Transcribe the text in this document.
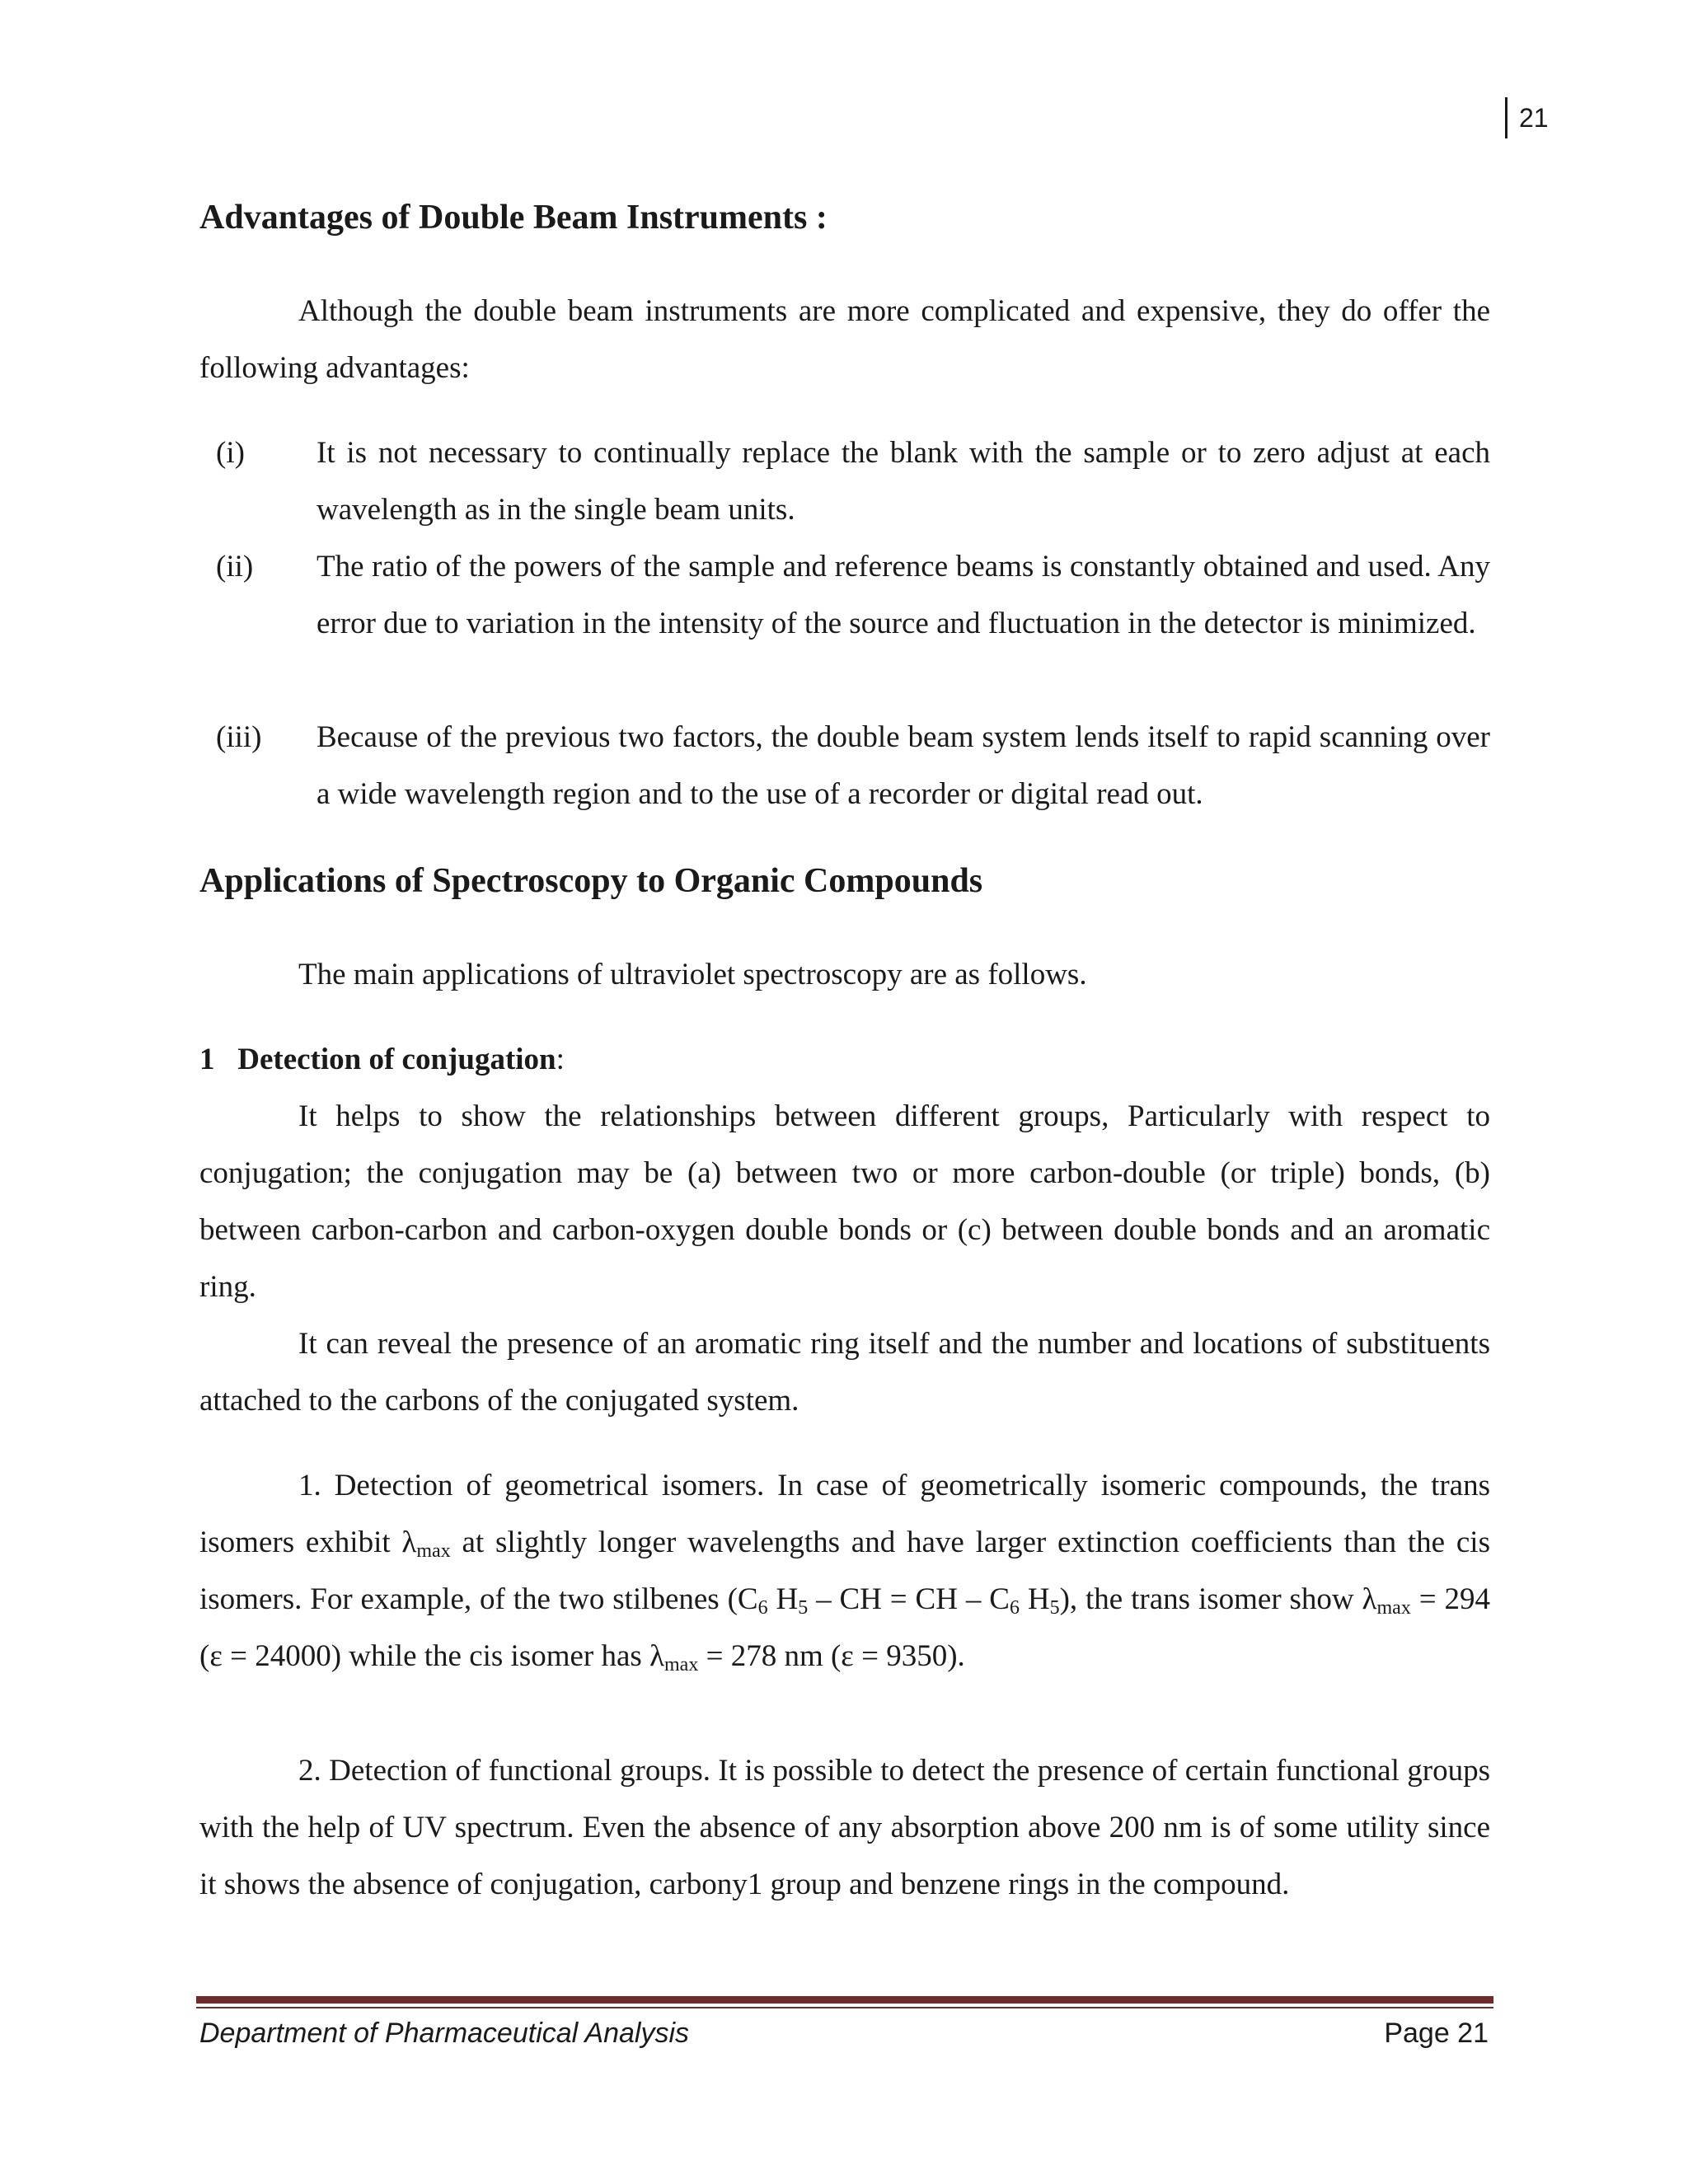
21
Advantages of Double Beam Instruments :

Although the double beam instruments are more complicated and expensive, they do offer the following advantages:

(i) It is not necessary to continually replace the blank with the sample or to zero adjust at each wavelength as in the single beam units.
(ii) The ratio of the powers of the sample and reference beams is constantly obtained and used. Any error due to variation in the intensity of the source and fluctuation in the detector is minimized.
(iii) Because of the previous two factors, the double beam system lends itself to rapid scanning over a wide wavelength region and to the use of a recorder or digital read out.
Applications of Spectroscopy to Organic Compounds

The main applications of ultraviolet spectroscopy are as follows.

1 Detection of conjugation:

It helps to show the relationships between different groups, Particularly with respect to conjugation; the conjugation may be (a) between two or more carbon-double (or triple) bonds, (b) between carbon-carbon and carbon-oxygen double bonds or (c) between double bonds and an aromatic ring.

It can reveal the presence of an aromatic ring itself and the number and locations of substituents attached to the carbons of the conjugated system.

1. Detection of geometrical isomers. In case of geometrically isomeric compounds, the trans isomers exhibit $\lambda_{max}$ at slightly longer wavelengths and have larger extinction coefficients than the cis isomers. For example, of the two stilbenes ($C_6$ $H_5$ – CH = CH – $C_6$ $H_5$), the trans isomer show $\lambda_{max} = 294$ (ε = 24000) while the cis isomer has $\lambda_{max} = 278$ nm (ε = 9350).

2. Detection of functional groups. It is possible to detect the presence of certain functional groups with the help of UV spectrum. Even the absence of any absorption above 200 nm is of some utility since it shows the absence of conjugation, carbony1 group and benzene rings in the compound.

Department of Pharmaceutical Analysis	Page 21
